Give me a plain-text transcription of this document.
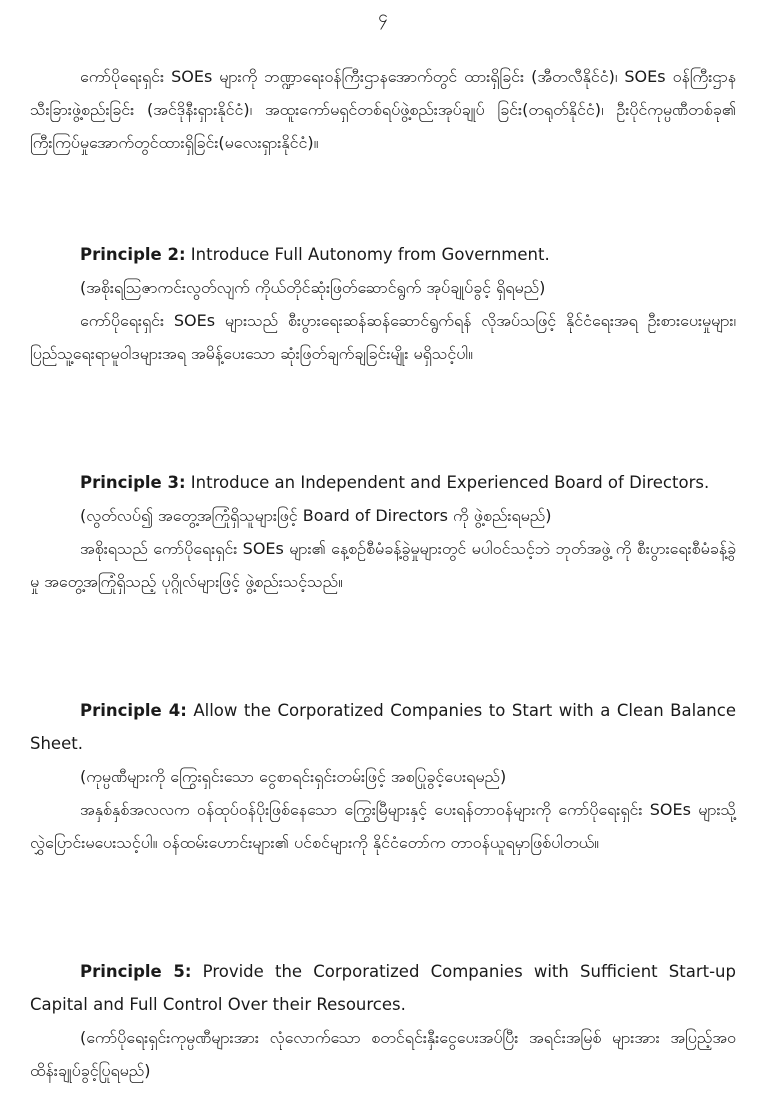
၄

ကော်ပိုရေးရှင်း SOEs များကို ဘဏ္ဍာရေးဝန်ကြီးဌာနအောက်တွင် ထားရှိခြင်း (အီတလီနိုင်ငံ)၊ SOEs ဝန်ကြီးဌာနသီးခြားဖွဲ့စည်းခြင်း (အင်ဒိုနီးရှားနိုင်ငံ)၊ အထူးကော်မရှင်တစ်ရပ်ဖွဲ့စည်းအုပ်ချုပ် ခြင်း(တရုတ်နိုင်ငံ)၊ ဦးပိုင်ကုမ္ပဏီတစ်ခု၏ ကြီးကြပ်မှုအောက်တွင်ထားရှိခြင်း(မလေးရှားနိုင်ငံ)။

Principle 2: Introduce Full Autonomy from Government.

(အစိုးရသြဇာကင်းလွတ်လျက် ကိုယ်တိုင်ဆုံးဖြတ်ဆောင်ရွက် အုပ်ချုပ်ခွင့် ရှိရမည်)

ကော်ပိုရေးရှင်း SOEs များသည် စီးပွားရေးဆန်ဆန်ဆောင်ရွက်ရန် လိုအပ်သဖြင့် နိုင်ငံရေးအရ ဦးစားပေးမှုများ၊ ပြည်သူ့ရေးရာမူဝါဒများအရ အမိန့်ပေးသော ဆုံးဖြတ်ချက်ချခြင်းမျိုး မရှိသင့်ပါ။

Principle 3: Introduce an Independent and Experienced Board of Directors.

(လွတ်လပ်၍ အတွေ့အကြုံရှိသူများဖြင့် Board of Directors ကို ဖွဲ့စည်းရမည်)

အစိုးရသည် ကော်ပိုရေးရှင်း SOEs များ၏ နေ့စဉ်စီမံခန့်ခွဲမှုများတွင် မပါဝင်သင့်ဘဲ ဘုတ်အဖွဲ့ ကို စီးပွားရေးစီမံခန့်ခွဲမှု အတွေ့အကြုံရှိသည့် ပုဂ္ဂိုလ်များဖြင့် ဖွဲ့စည်းသင့်သည်။

Principle 4: Allow the Corporatized Companies to Start with a Clean Balance Sheet.

(ကုမ္ပဏီများကို ကြွေးရှင်းသော ငွေစာရင်းရှင်းတမ်းဖြင့် အစပြုခွင့်ပေးရမည်)

အနှစ်နှစ်အလလက ဝန်ထုပ်ဝန်ပိုးဖြစ်နေသော ကြွေးမြီများနှင့် ပေးရန်တာဝန်များကို ကော်ပိုရေးရှင်း SOEs များသို့ လွှဲပြောင်းမပေးသင့်ပါ။ ဝန်ထမ်းဟောင်းများ၏ ပင်စင်များကို နိုင်ငံတော်က တာဝန်ယူရမှာဖြစ်ပါတယ်။

Principle 5: Provide the Corporatized Companies with Sufficient Start-up Capital and Full Control Over their Resources.

(ကော်ပိုရေးရှင်းကုမ္ပဏီများအား လုံလောက်သော စတင်ရင်းနှီးငွေပေးအပ်ပြီး အရင်းအမြစ် များအား အပြည့်အဝထိန်းချုပ်ခွင့်ပြုရမည်)
